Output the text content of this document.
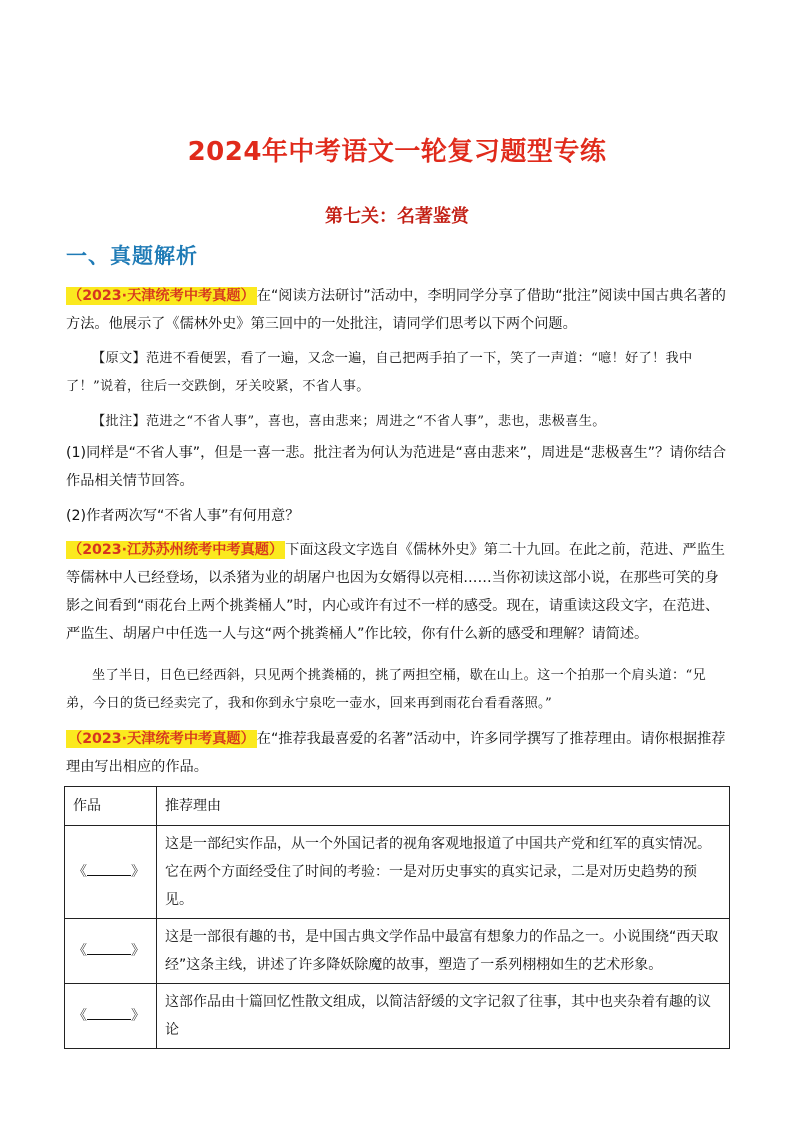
2024年中考语文一轮复习题型专练
第七关：名著鉴赏
一、真题解析

（2023·天津统考中考真题） 在“阅读方法研讨”活动中，李明同学分享了借助“批注”阅读中国古典名著的方法。他展示了《儒林外史》第三回中的一处批注，请同学们思考以下两个问题。

【原文】范进不看便罢，看了一遍，又念一遍，自己把两手拍了一下，笑了一声道：“噫！好了！我中了！”说着，往后一交跌倒，牙关咬紧，不省人事。

【批注】范进之“不省人事”，喜也，喜由悲来；周进之“不省人事”，悲也，悲极喜生。

(1)同样是“不省人事”，但是一喜一悲。批注者为何认为范进是“喜由悲来”，周进是“悲极喜生”？请你结合作品相关情节回答。

(2)作者两次写“不省人事”有何用意？

（2023·江苏苏州统考中考真题） 下面这段文字选自《儒林外史》第二十九回。在此之前，范进、严监生等儒林中人已经登场，以杀猪为业的胡屠户也因为女婿得以亮相……当你初读这部小说，在那些可笑的身影之间看到“雨花台上两个挑粪桶人”时，内心或许有过不一样的感受。现在，请重读这段文字，在范进、严监生、胡屠户中任选一人与这“两个挑粪桶人”作比较，你有什么新的感受和理解？请简述。

坐了半日，日色已经西斜，只见两个挑粪桶的，挑了两担空桶，歇在山上。这一个拍那一个肩头道：“兄弟，今日的货已经卖完了，我和你到永宁泉吃一壶水，回来再到雨花台看看落照。”

（2023·天津统考中考真题） 在“推荐我最喜爱的名著”活动中，许多同学撰写了推荐理由。请你根据推荐理由写出相应的作品。

作品	推荐理由
《 》	这是一部纪实作品，从一个外国记者的视角客观地报道了中国共产党和红军的真实情况。它在两个方面经受住了时间的考验：一是对历史事实的真实记录，二是对历史趋势的预见。
《 》	这是一部很有趣的书，是中国古典文学作品中最富有想象力的作品之一。小说围绕“西天取经”这条主线，讲述了许多降妖除魔的故事，塑造了一系列栩栩如生的艺术形象。
《 》	这部作品由十篇回忆性散文组成，以简洁舒缓的文字记叙了往事，其中也夹杂着有趣的议论
